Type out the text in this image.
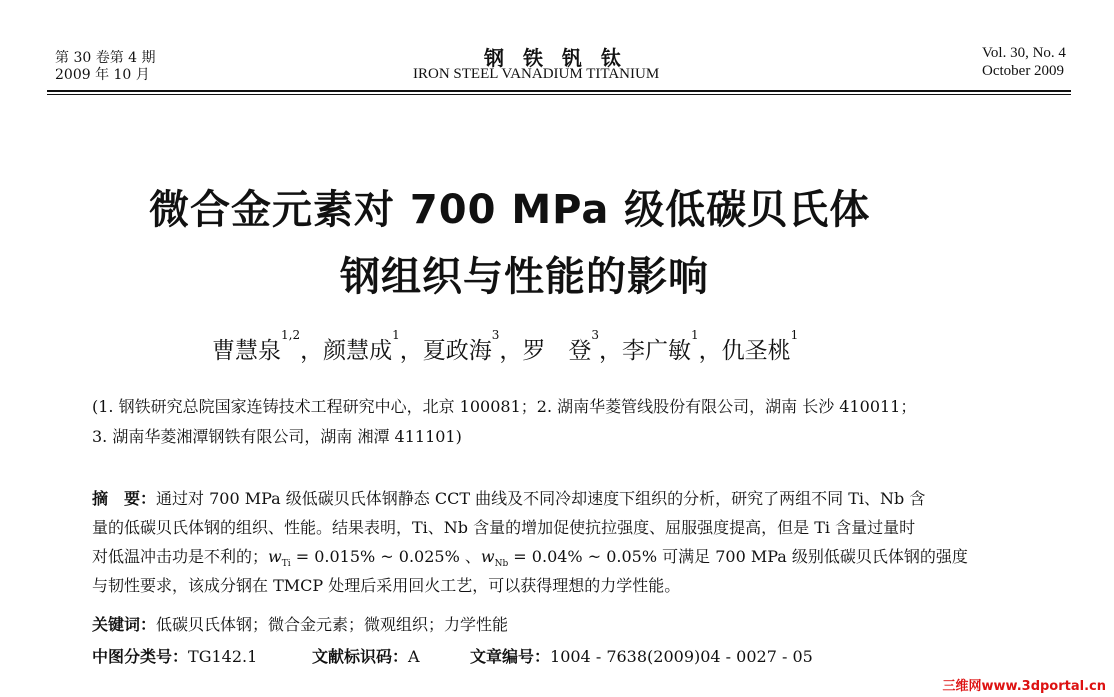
第 30 卷第 4 期
2009 年 10 月
钢 铁 钒 钛
IRON STEEL VANADIUM TITANIUM
Vol. 30, No. 4
October 2009
微合金元素对 700 MPa 级低碳贝氏体
钢组织与性能的影响
曹慧泉$^{1,2}$，颜慧成$^1$，夏政海$^3$，罗　登$^3$，李广敏$^1$，仇圣桃$^1$
(1. 钢铁研究总院国家连铸技术工程研究中心，北京 100081；2. 湖南华菱管线股份有限公司，湖南 长沙 410011；
3. 湖南华菱湘潭钢铁有限公司，湖南 湘潭 411101)
摘　要：通过对 700 MPa 级低碳贝氏体钢静态 CCT 曲线及不同冷却速度下组织的分析，研究了两组不同 Ti、Nb 含
量的低碳贝氏体钢的组织、性能。结果表明，Ti、Nb 含量的增加促使抗拉强度、屈服强度提高，但是 Ti 含量过量时
对低温冲击功是不利的；$w_{Ti} = 0.015\%$ ~ 0.025% 、$w_{Nb} = 0.04\%$ ~ 0.05% 可满足 700 MPa 级别低碳贝氏体钢的强度
与韧性要求，该成分钢在 TMCP 处理后采用回火工艺，可以获得理想的力学性能。
关键词：低碳贝氏体钢；微合金元素；微观组织；力学性能
中图分类号：TG142.1	文献标识码：A	文章编号：1004 - 7638(2009)04 - 0027 - 05
三维网www.3dportal.cn
